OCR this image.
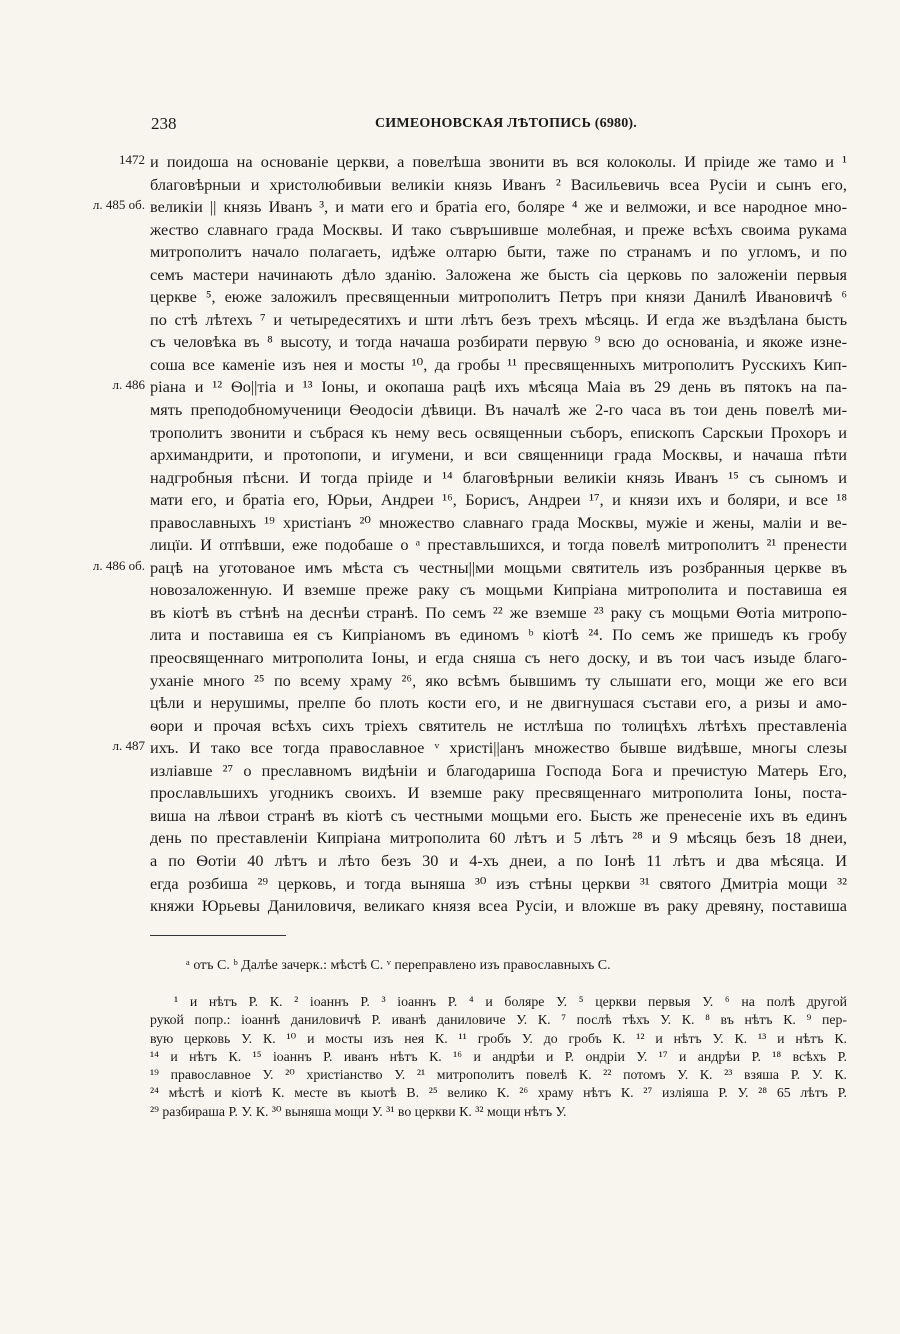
238	СИМЕОНОВСКАЯ ЛѢТОПИСЬ (6980).
1472 и поидоша на основаніе церкви, а повелѣша звонити въ вся колоколы. И пріиде же тамо и ¹
благовѣрныи и христолюбивыи великіи князь Иванъ ² Васильевичь всеа Русіи и сынъ его,
л. 485 об. великіи || князь Иванъ ³, и мати его и братіа его, боляре ⁴ же и велможи, и все народное мно-
жество славнаго града Москвы. И тако съвръшивше молебная, и преже всѣхъ своима рукама
митрополитъ начало полагаеть, идѣже олтарю быти, таже по странамъ и по угломъ, и по
семъ мастери начинають дѣло зданію. Заложена же бысть сіа церковь по заложеніи первыя
церкве ⁵, еюже заложилъ пресвященныи митрополитъ Петръ при князи Данилѣ Ивановичѣ ⁶
по стѣ лѣтехъ ⁷ и четыредесятихъ и шти лѣтъ безъ трехъ мѣсяць. И егда же въздѣлана бысть
съ человѣка въ ⁸ высоту, и тогда начаша розбирати первую ⁹ всю до основаніа, и якоже изне-
соша все каменіе изъ нея и мосты ¹⁰, да гробы ¹¹ пресвященныхъ митрополитъ Русскихъ Кип-
л. 486 ріана и ¹² Ѳо||тіа и ¹³ Іоны, и окопаша рацѣ ихъ мѣсяца Маіа въ 29 день въ пятокъ на па-
мять преподобномученици Ѳеодосіи дѣвици. Въ началѣ же 2-го часа въ тои день повелѣ ми-
трополитъ звонити и събрася къ нему весь освященныи съборъ, епископъ Сарскыи Прохоръ и
архимандрити, и протопопи, и игумени, и вси священници града Москвы, и начаша пѣти
надгробныя пѣсни. И тогда пріиде и ¹⁴ благовѣрныи великіи князь Иванъ ¹⁵ съ сыномъ и
мати его, и братіа его, Юрьи, Андреи ¹⁶, Борисъ, Андреи ¹⁷, и князи ихъ и боляри, и все ¹⁸
православныхъ ¹⁹ христіанъ ²⁰ множество славнаго града Москвы, мужіе и жены, маліи и ве-
лицïи. И отпѣвши, еже подобаше о ᵃ преставльшихся, и тогда повелѣ митрополитъ ²¹ пренести
л. 486 об. рацѣ на уготованое имъ мѣста съ честны||ми мощьми святитель изъ розбранныя церкве въ
новозаложенную. И вземше преже раку съ мощьми Кипріана митрополита и поставиша ея
въ кіотѣ въ стѣнѣ на деснѣи странѣ. По семъ ²² же вземше ²³ раку съ мощьми Ѳотіа митропо-
лита и поставиша ея съ Кипріаномъ въ единомъ ᵇ кіотѣ ²⁴. По семъ же пришедъ къ гробу
преосвященнаго митрополита Іоны, и егда сняша съ него доску, и въ тои часъ изыде благо-
уханіе много ²⁵ по всему храму ²⁶, яко всѣмъ бывшимъ ту слышати его, мощи же его вси
цѣли и нерушимы, прелпе бо плоть кости его, и не двигнушася състави его, а ризы и амо-
ѳори и прочая всѣхъ сихъ тріехъ святитель не истлѣша по толицѣхъ лѣтѣхъ преставленіа
л. 487 ихъ. И тако все тогда православное ᵛ христі||анъ множество бывше видѣвше, многы слезы
изліавше ²⁷ о преславномъ видѣніи и благодариша Господа Бога и пречистую Матерь Его,
прославльшихъ угодникъ своихъ. И вземше раку пресвященнаго митрополита Іоны, поста-
виша на лѣвои странѣ въ кіотѣ съ честными мощьми его. Бысть же пренесеніе ихъ въ единъ
день по преставленіи Кипріана митрополита 60 лѣтъ и 5 лѣтъ ²⁸ и 9 мѣсяць безъ 18 днеи,
а по Ѳотіи 40 лѣтъ и лѣто безъ 30 и 4-хъ днеи, а по Іонѣ 11 лѣтъ и два мѣсяца. И
егда розбиша ²⁹ церковь, и тогда выняша ³⁰ изъ стѣны церкви ³¹ святого Дмитріа мощи ³²
княжи Юрьевы Даниловичя, великаго князя всеа Русіи, и вложше въ раку древяну, поставиша
ᵃ отъ С. ᵇ Далѣе зачерк.: мѣстѣ С. ᵛ переправлено изъ православныхъ С.
¹ и нѣтъ Р. К. ² іоаннъ Р. ³ іоаннъ Р. ⁴ и боляре У. ⁵ церкви первыя У. ⁶ на полѣ другой
рукой попр.: іоаннѣ даниловичѣ Р. иванѣ даниловиче У. К. ⁷ послѣ тѣхъ У. К. ⁸ въ нѣтъ К. ⁹ пер-
вую церковь У. К. ¹⁰ и мосты изъ нея К. ¹¹ гробъ У. до гробъ К. ¹² и нѣтъ У. К. ¹³ и нѣтъ К.
¹⁴ и нѣтъ К. ¹⁵ іоаннъ Р. иванъ нѣтъ К. ¹⁶ и андрѣи и Р. ондріи У. ¹⁷ и андрѣи Р. ¹⁸ всѣхъ Р.
¹⁹ православное У. ²⁰ христіанство У. ²¹ митрополитъ повелѣ К. ²² потомъ У. К. ²³ взяша Р. У. К.
²⁴ мѣстѣ и кіотѣ К. месте въ кыотѣ В. ²⁵ велико К. ²⁶ храму нѣтъ К. ²⁷ изліяша Р. У. ²⁸ 65 лѣтъ Р.
²⁹ разбираша Р. У. К. ³⁰ выняша мощи У. ³¹ во церкви К. ³² мощи нѣтъ У.
